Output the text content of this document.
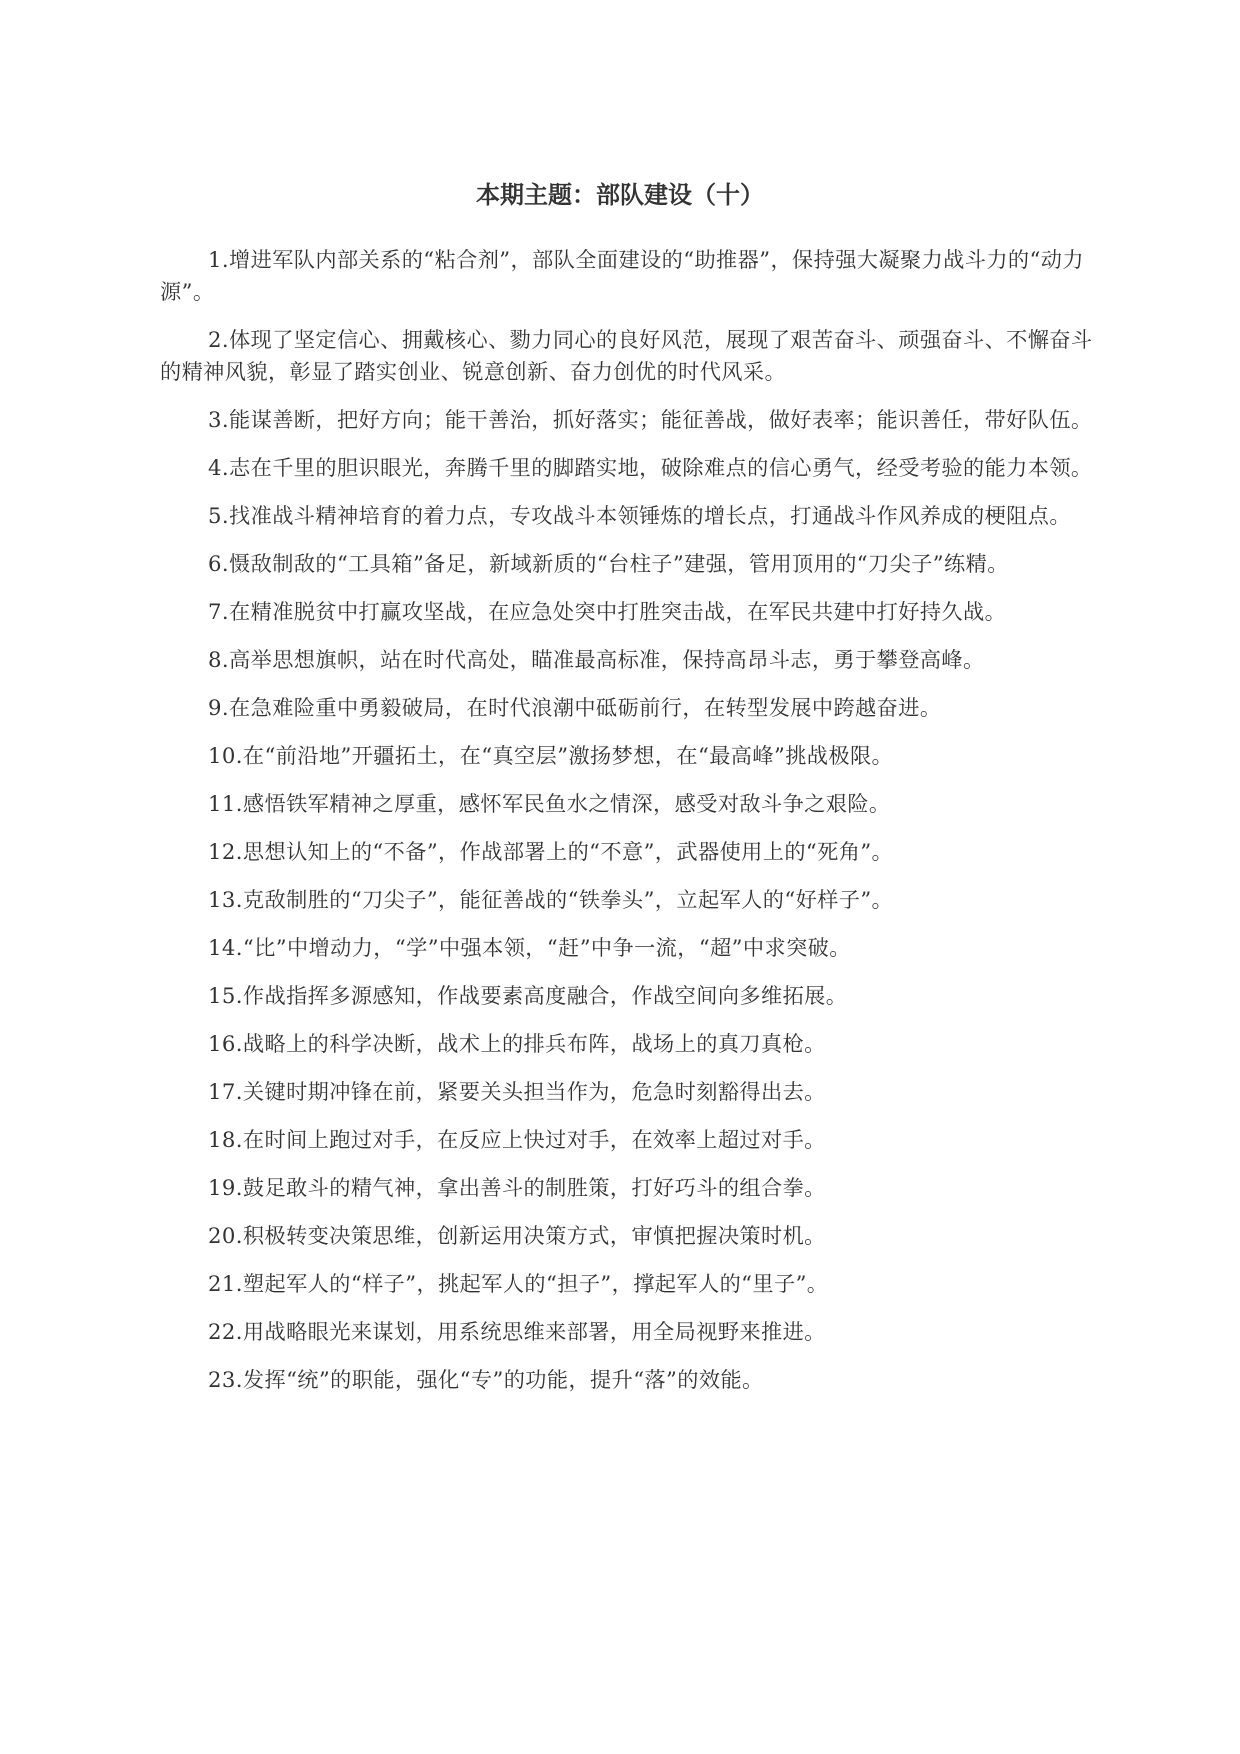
本期主题：部队建设（十）
1.增进军队内部关系的“粘合剂”，部队全面建设的“助推器”，保持强大凝聚力战斗力的“动力源”。
2.体现了坚定信心、拥戴核心、勠力同心的良好风范，展现了艰苦奋斗、顽强奋斗、不懈奋斗的精神风貌，彰显了踏实创业、锐意创新、奋力创优的时代风采。
3.能谋善断，把好方向；能干善治，抓好落实；能征善战，做好表率；能识善任，带好队伍。
4.志在千里的胆识眼光，奔腾千里的脚踏实地，破除难点的信心勇气，经受考验的能力本领。
5.找准战斗精神培育的着力点，专攻战斗本领锤炼的增长点，打通战斗作风养成的梗阻点。
6.慑敌制敌的“工具箱”备足，新域新质的“台柱子”建强，管用顶用的“刀尖子”练精。
7.在精准脱贫中打赢攻坚战，在应急处突中打胜突击战，在军民共建中打好持久战。
8.高举思想旗帜，站在时代高处，瞄准最高标准，保持高昂斗志，勇于攀登高峰。
9.在急难险重中勇毅破局，在时代浪潮中砥砺前行，在转型发展中跨越奋进。
10.在“前沿地”开疆拓土，在“真空层”激扬梦想，在“最高峰”挑战极限。
11.感悟铁军精神之厚重，感怀军民鱼水之情深，感受对敌斗争之艰险。
12.思想认知上的“不备”，作战部署上的“不意”，武器使用上的“死角”。
13.克敌制胜的“刀尖子”，能征善战的“铁拳头”，立起军人的“好样子”。
14.“比”中增动力，“学”中强本领，“赶”中争一流，“超”中求突破。
15.作战指挥多源感知，作战要素高度融合，作战空间向多维拓展。
16.战略上的科学决断，战术上的排兵布阵，战场上的真刀真枪。
17.关键时期冲锋在前，紧要关头担当作为，危急时刻豁得出去。
18.在时间上跑过对手，在反应上快过对手，在效率上超过对手。
19.鼓足敢斗的精气神，拿出善斗的制胜策，打好巧斗的组合拳。
20.积极转变决策思维，创新运用决策方式，审慎把握决策时机。
21.塑起军人的“样子”，挑起军人的“担子”，撑起军人的“里子”。
22.用战略眼光来谋划，用系统思维来部署，用全局视野来推进。
23.发挥“统”的职能，强化“专”的功能，提升“落”的效能。
